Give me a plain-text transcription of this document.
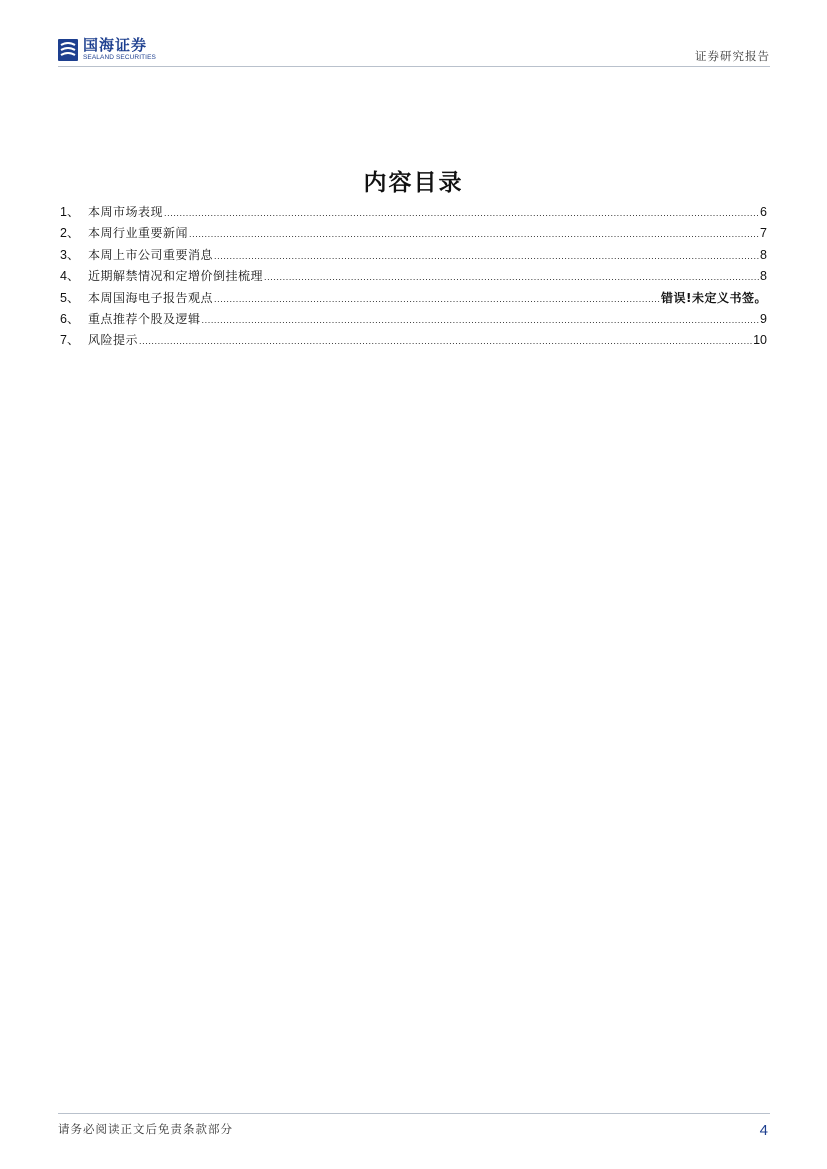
国海证券
SEALAND SECURITIES	证券研究报告
内容目录
1、 本周市场表现 .....	6
2、 本周行业重要新闻 .....	7
3、 本周上市公司重要消息 .....	8
4、 近期解禁情况和定增价倒挂梳理 .....	8
5、 本周国海电子报告观点 .....	错误!未定义书签。
6、 重点推荐个股及逻辑 .....	9
7、 风险提示 .....	10
请务必阅读正文后免责条款部分	4
